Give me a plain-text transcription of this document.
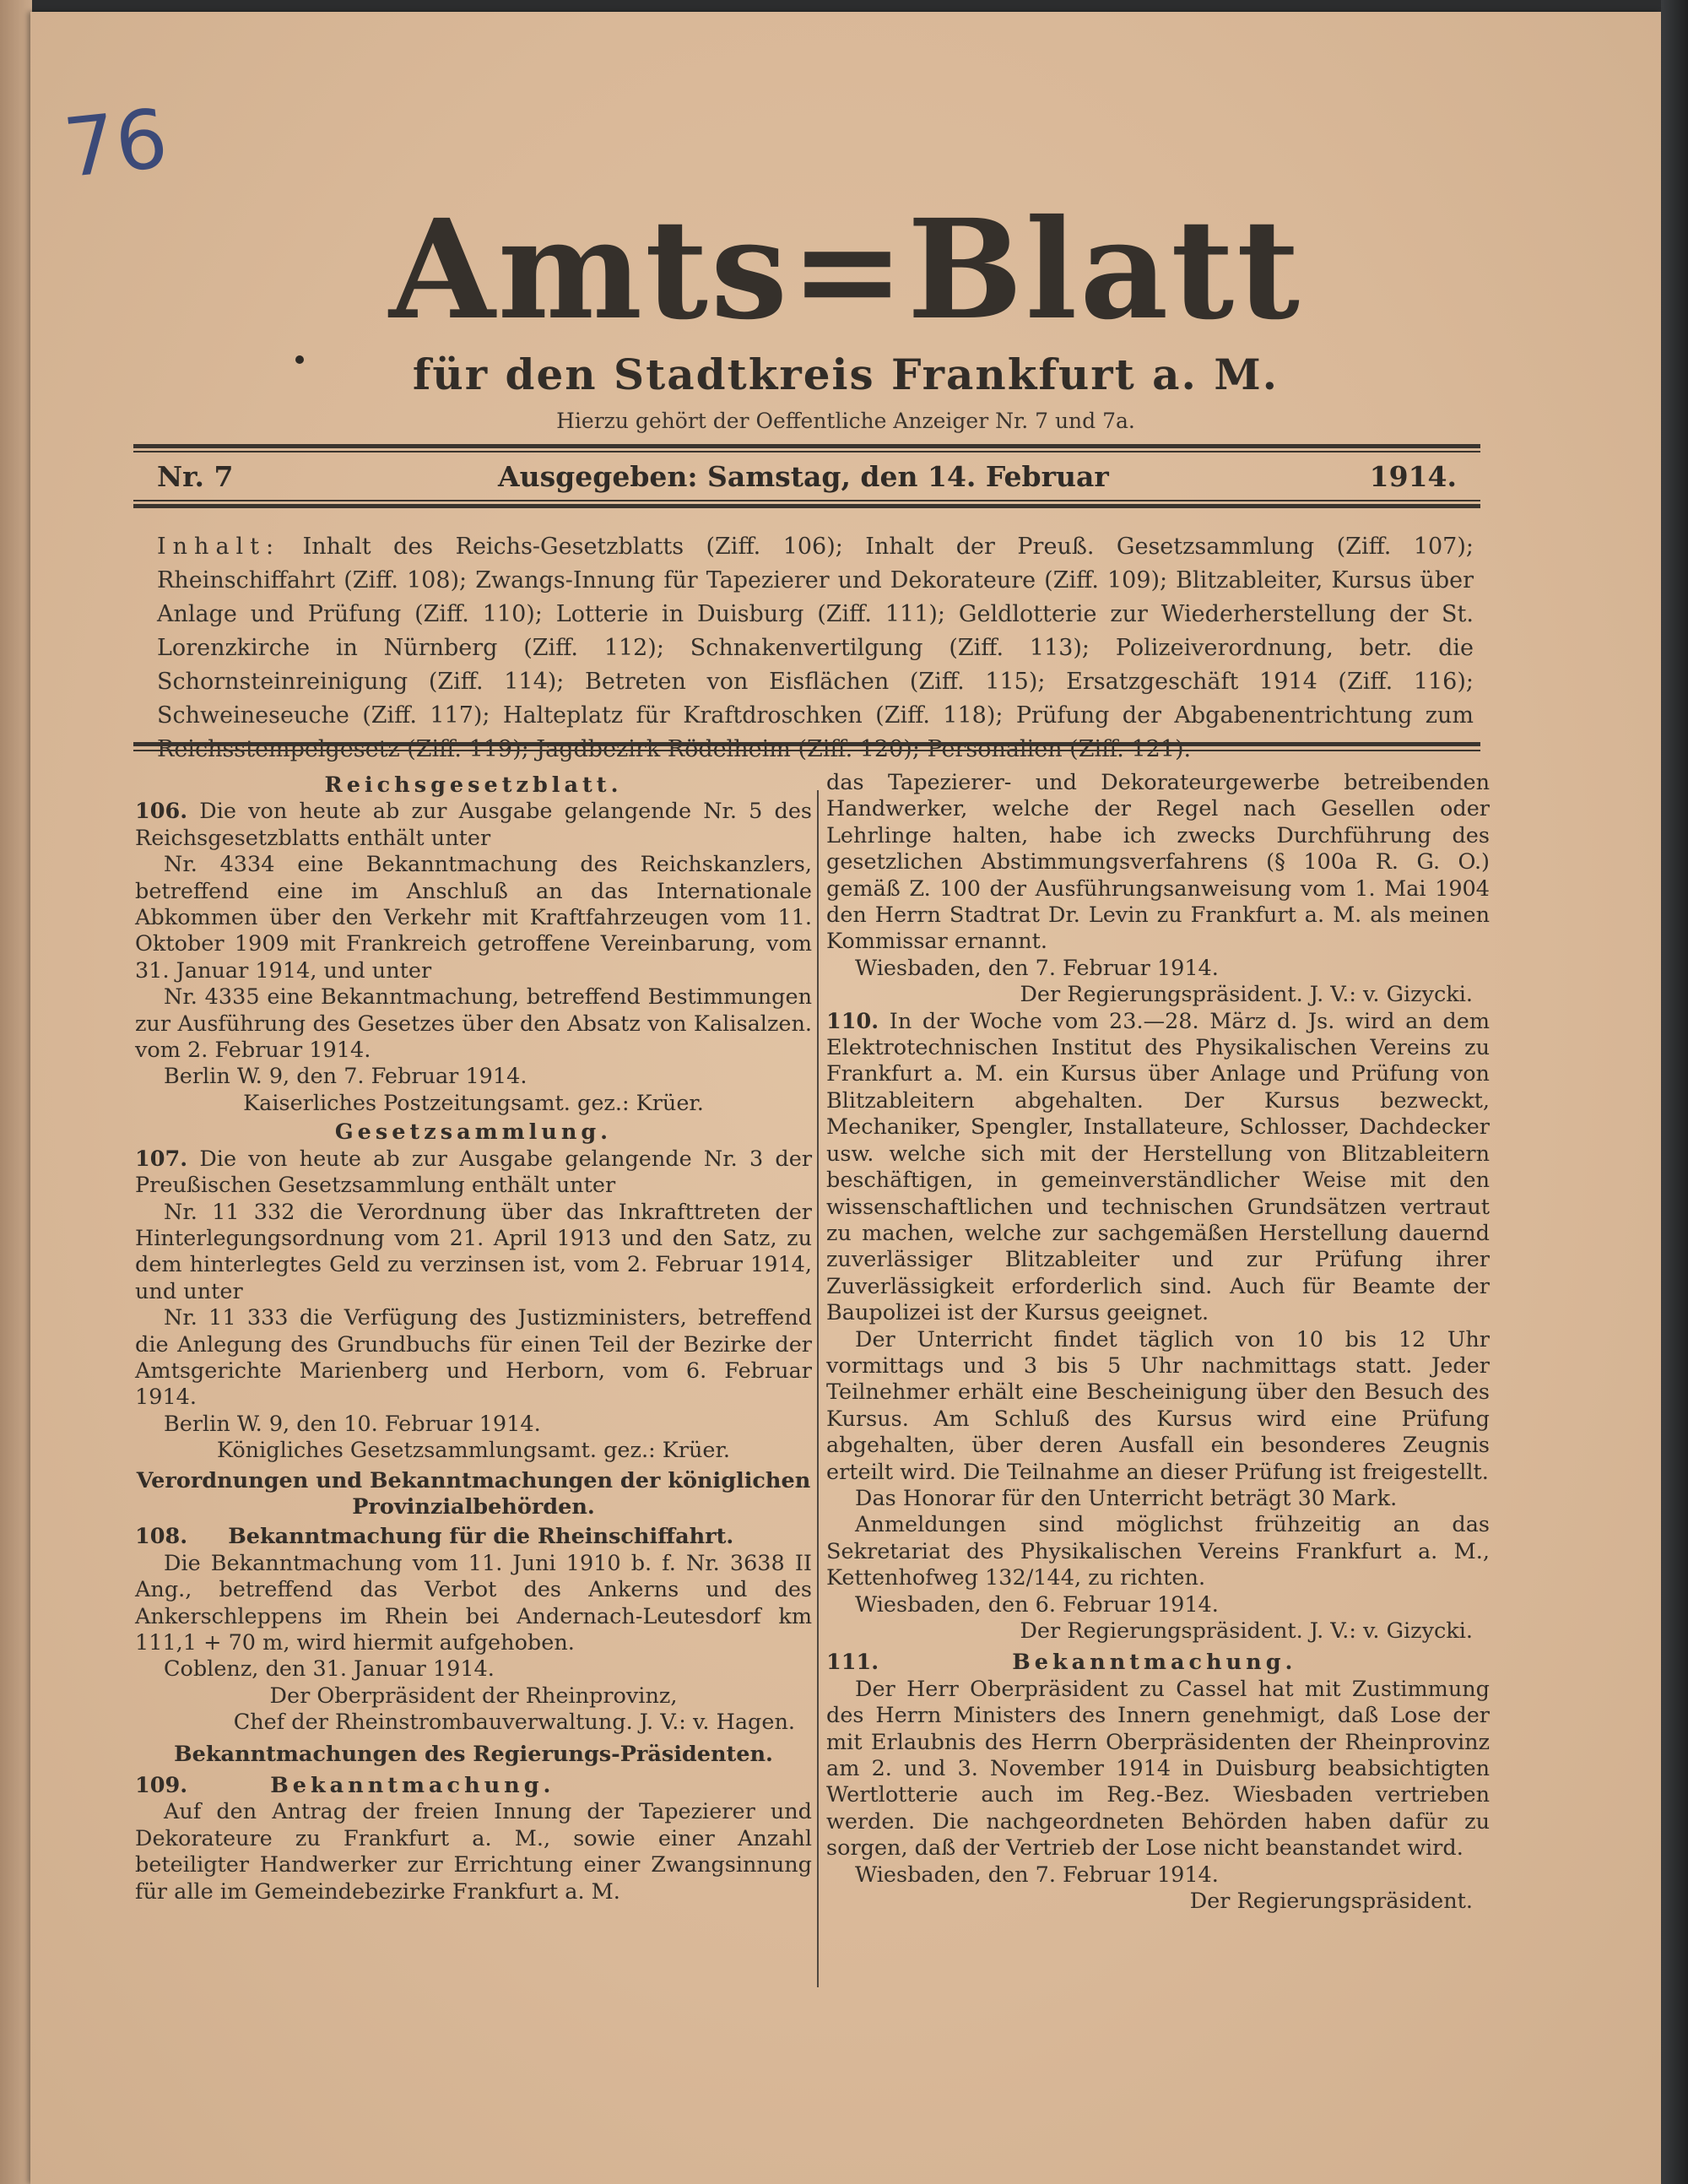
76
Amts=Blatt
für den Stadtkreis Frankfurt a. M.
Hierzu gehört der Oeffentliche Anzeiger Nr. 7 und 7a.
Nr. 7	Ausgegeben: Samstag, den 14. Februar	1914.
Inhalt: Inhalt des Reichs-Gesetzblatts (Ziff. 106); Inhalt der Preuß. Gesetzsammlung (Ziff. 107); Rheinschiffahrt (Ziff. 108); Zwangs-Innung für Tapezierer und Dekorateure (Ziff. 109); Blitzableiter, Kursus über Anlage und Prüfung (Ziff. 110); Lotterie in Duisburg (Ziff. 111); Geldlotterie zur Wiederherstellung der St. Lorenzkirche in Nürnberg (Ziff. 112); Schnakenvertilgung (Ziff. 113); Polizeiverordnung, betr. die Schornsteinreinigung (Ziff. 114); Betreten von Eisflächen (Ziff. 115); Ersatzgeschäft 1914 (Ziff. 116); Schweineseuche (Ziff. 117); Halteplatz für Kraftdroschken (Ziff. 118); Prüfung der Abgabenentrichtung zum

Reichsgesetzblatt.

106. Die von heute ab zur Ausgabe gelangende Nr. 5 des Reichsgesetzblatts enthält unter

Nr. 4334 eine Bekanntmachung des Reichskanzlers, betreffend eine im Anschluß an das Internationale Abkommen über den Verkehr mit Kraftfahrzeugen vom 11. Oktober 1909 mit Frankreich getroffene Vereinbarung, vom 31. Januar 1914, und unter

Nr. 4335 eine Bekanntmachung, betreffend Bestimmungen zur Ausführung des Gesetzes über den Absatz von Kalisalzen. vom 2. Februar 1914.

Berlin W. 9, den 7. Februar 1914.

Kaiserliches Postzeitungsamt. gez.: Krüer.

Gesetzsammlung.

107. Die von heute ab zur Ausgabe gelangende Nr. 3 der Preußischen Gesetzsammlung enthält unter

Nr. 11 332 die Verordnung über das Inkrafttreten der Hinterlegungsordnung vom 21. April 1913 und den Satz, zu dem hinterlegtes Geld zu verzinsen ist, vom 2. Februar 1914, und unter

Nr. 11 333 die Verfügung des Justizministers, betreffend die Anlegung des Grundbuchs für einen Teil der Bezirke der Amtsgerichte Marienberg und Herborn, vom 6. Februar 1914.

Berlin W. 9, den 10. Februar 1914.

Königliches Gesetzsammlungsamt. gez.: Krüer.

Verordnungen und Bekanntmachungen der königlichen Provinzialbehörden.

108. Bekanntmachung für die Rheinschiffahrt.

Die Bekanntmachung vom 11. Juni 1910 b. f. Nr. 3638 II Ang., betreffend das Verbot des Ankerns und des Ankerschleppens im Rhein bei Andernach-Leutesdorf km 111,1 + 70 m, wird hiermit aufgehoben.

Coblenz, den 31. Januar 1914.

Der Oberpräsident der Rheinprovinz,

Chef der Rheinstrombauverwaltung. J. V.: v. Hagen.

Bekanntmachungen des Regierungs-Präsidenten.

109.	Bekanntmachung.

Auf den Antrag der freien Innung der Tapezierer und Dekorateure zu Frankfurt a. M., sowie einer Anzahl beteiligter Handwerker zur Errichtung einer Zwangsinnung für alle im Gemeindebezirke Frankfurt a. M.

das Tapezierer- und Dekorateurgewerbe betreibenden Handwerker, welche der Regel nach Gesellen oder Lehrlinge halten, habe ich zwecks Durchführung des gesetzlichen Abstimmungsverfahrens (§ 100a R. G. O.) gemäß Z. 100 der Ausführungsanweisung vom 1. Mai 1904 den Herrn Stadtrat Dr. Levin zu Frankfurt a. M. als meinen Kommissar ernannt.

Wiesbaden, den 7. Februar 1914.

Der Regierungspräsident. J. V.: v. Gizycki.

110. In der Woche vom 23.—28. März d. Js. wird an dem Elektrotechnischen Institut des Physikalischen Vereins zu Frankfurt a. M. ein Kursus über Anlage und Prüfung von Blitzableitern abgehalten. Der Kursus bezweckt, Mechaniker, Spengler, Installateure, Schlosser, Dachdecker usw. welche sich mit der Herstellung von Blitzableitern beschäftigen, in gemeinverständlicher Weise mit den wissenschaftlichen und technischen Grundsätzen vertraut zu machen, welche zur sachgemäßen Herstellung dauernd zuverlässiger Blitzableiter und zur Prüfung ihrer Zuverlässigkeit erforderlich sind. Auch für Beamte der Baupolizei ist der Kursus geeignet.

Der Unterricht findet täglich von 10 bis 12 Uhr vormittags und 3 bis 5 Uhr nachmittags statt. Jeder Teilnehmer erhält eine Bescheinigung über den Besuch des Kursus. Am Schluß des Kursus wird eine Prüfung abgehalten, über deren Ausfall ein besonderes Zeugnis erteilt wird. Die Teilnahme an dieser Prüfung ist freigestellt.

Das Honorar für den Unterricht beträgt 30 Mark.

Anmeldungen sind möglichst frühzeitig an das Sekretariat des Physikalischen Vereins Frankfurt a. M., Kettenhofweg 132/144, zu richten.

Wiesbaden, den 6. Februar 1914.

Der Regierungspräsident. J. V.: v. Gizycki.

111.	Bekanntmachung.

Der Herr Oberpräsident zu Cassel hat mit Zustimmung des Herrn Ministers des Innern genehmigt, daß Lose der mit Erlaubnis des Herrn Oberpräsidenten der Rheinprovinz am 2. und 3. November 1914 in Duisburg beabsichtigten Wertlotterie auch im Reg.-Bez. Wiesbaden vertrieben werden. Die nachgeordneten Behörden haben dafür zu sorgen, daß der Vertrieb der Lose nicht beanstandet wird.

Wiesbaden, den 7. Februar 1914.

Der Regierungspräsident.
